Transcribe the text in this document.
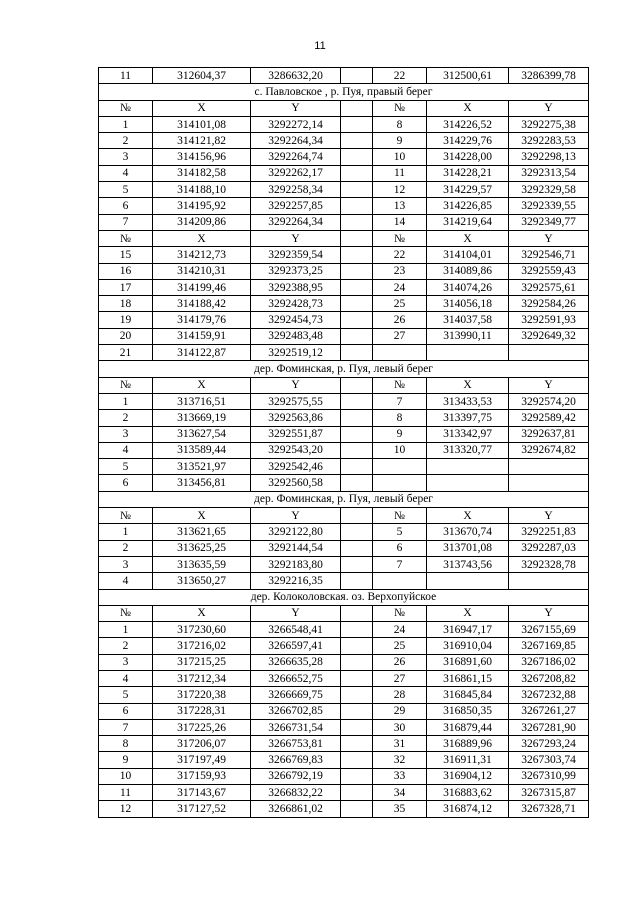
11
11	312604,37	3286632,20		22	312500,61	3286399,78
с. Павловское , р. Пуя, правый берег						
№	X	Y		№	X	Y
1	314101,08	3292272,14		8	314226,52	3292275,38
2	314121,82	3292264,34		9	314229,76	3292283,53
3	314156,96	3292264,74		10	314228,00	3292298,13
4	314182,58	3292262,17		11	314228,21	3292313,54
5	314188,10	3292258,34		12	314229,57	3292329,58
6	314195,92	3292257,85		13	314226,85	3292339,55
7	314209,86	3292264,34		14	314219,64	3292349,77
№	X	Y		№	X	Y
15	314212,73	3292359,54		22	314104,01	3292546,71
16	314210,31	3292373,25		23	314089,86	3292559,43
17	314199,46	3292388,95		24	314074,26	3292575,61
18	314188,42	3292428,73		25	314056,18	3292584,26
19	314179,76	3292454,73		26	314037,58	3292591,93
20	314159,91	3292483,48		27	313990,11	3292649,32
21	314122,87	3292519,12				
дер. Фоминская, р. Пуя, левый берег						
№	X	Y		№	X	Y
1	313716,51	3292575,55		7	313433,53	3292574,20
2	313669,19	3292563,86		8	313397,75	3292589,42
3	313627,54	3292551,87		9	313342,97	3292637,81
4	313589,44	3292543,20		10	313320,77	3292674,82
5	313521,97	3292542,46				
6	313456,81	3292560,58				
дер. Фоминская, р. Пуя, левый берег						
№	X	Y		№	X	Y
1	313621,65	3292122,80		5	313670,74	3292251,83
2	313625,25	3292144,54		6	313701,08	3292287,03
3	313635,59	3292183,80		7	313743,56	3292328,78
4	313650,27	3292216,35				
дер. Колоколовская. оз. Верхопуйское						
№	X	Y		№	X	Y
1	317230,60	3266548,41		24	316947,17	3267155,69
2	317216,02	3266597,41		25	316910,04	3267169,85
3	317215,25	3266635,28		26	316891,60	3267186,02
4	317212,34	3266652,75		27	316861,15	3267208,82
5	317220,38	3266669,75		28	316845,84	3267232,88
6	317228,31	3266702,85		29	316850,35	3267261,27
7	317225,26	3266731,54		30	316879,44	3267281,90
8	317206,07	3266753,81		31	316889,96	3267293,24
9	317197,49	3266769,83		32	316911,31	3267303,74
10	317159,93	3266792,19		33	316904,12	3267310,99
11	317143,67	3266832,22		34	316883,62	3267315,87
12	317127,52	3266861,02		35	316874,12	3267328,71
